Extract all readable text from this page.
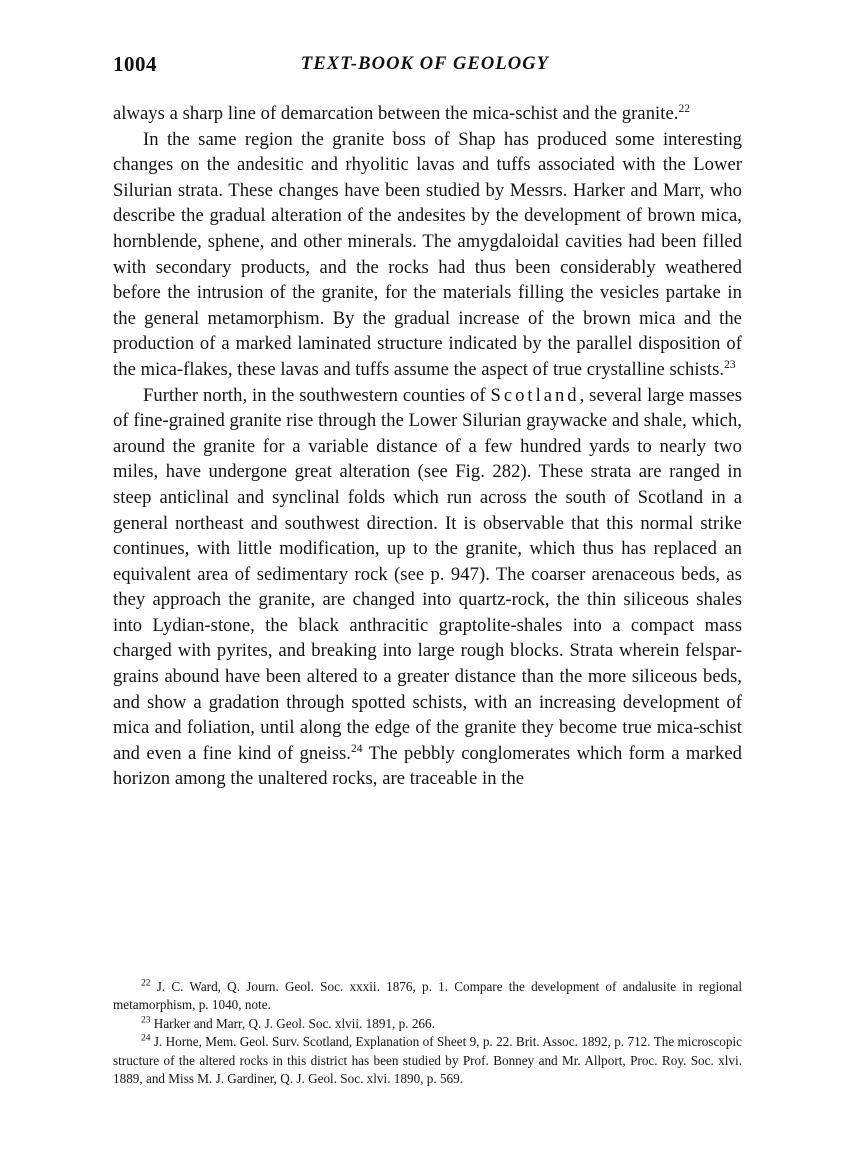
1004	TEXT-BOOK OF GEOLOGY

always a sharp line of demarcation between the mica-schist and the granite.$^{22}$

In the same region the granite boss of Shap has produced some interesting changes on the andesitic and rhyolitic lavas and tuffs associated with the Lower Silurian strata. These changes have been studied by Messrs. Harker and Marr, who describe the gradual alteration of the andesites by the development of brown mica, hornblende, sphene, and other minerals. The amygdaloidal cavities had been filled with secondary products, and the rocks had thus been considerably weathered before the intrusion of the granite, for the materials filling the vesicles partake in the general metamorphism. By the gradual increase of the brown mica and the production of a marked laminated structure indicated by the parallel disposition of the mica-flakes, these lavas and tuffs assume the aspect of true crystalline schists.$^{23}$

Further north, in the southwestern counties of Scotland, several large masses of fine-grained granite rise through the Lower Silurian graywacke and shale, which, around the granite for a variable distance of a few hundred yards to nearly two miles, have undergone great alteration (see Fig. 282). These strata are ranged in steep anticlinal and synclinal folds which run across the south of Scotland in a general northeast and southwest direction. It is observable that this normal strike continues, with little modification, up to the granite, which thus has replaced an equivalent area of sedimentary rock (see p. 947). The coarser arenaceous beds, as they approach the granite, are changed into quartz-rock, the thin siliceous shales into Lydian-stone, the black anthracitic graptolite-shales into a compact mass charged with pyrites, and breaking into large rough blocks. Strata wherein felspar-grains abound have been altered to a greater distance than the more siliceous beds, and show a gradation through spotted schists, with an increasing development of mica and foliation, until along the edge of the granite they become true mica-schist and even a fine kind of gneiss.$^{24}$ The pebbly conglomerates which form a marked horizon among the unaltered rocks, are traceable in the

$^{22}$ J. C. Ward, Q. Journ. Geol. Soc. xxxii. 1876, p. 1. Compare the development of andalusite in regional metamorphism, p. 1040, note.

$^{23}$ Harker and Marr, Q. J. Geol. Soc. xlvii. 1891, p. 266.

$^{24}$ J. Horne, Mem. Geol. Surv. Scotland, Explanation of Sheet 9, p. 22. Brit. Assoc. 1892, p. 712. The microscopic structure of the altered rocks in this district has been studied by Prof. Bonney and Mr. Allport, Proc. Roy. Soc. xlvi. 1889, and Miss M. J. Gardiner, Q. J. Geol. Soc. xlvi. 1890, p. 569.
